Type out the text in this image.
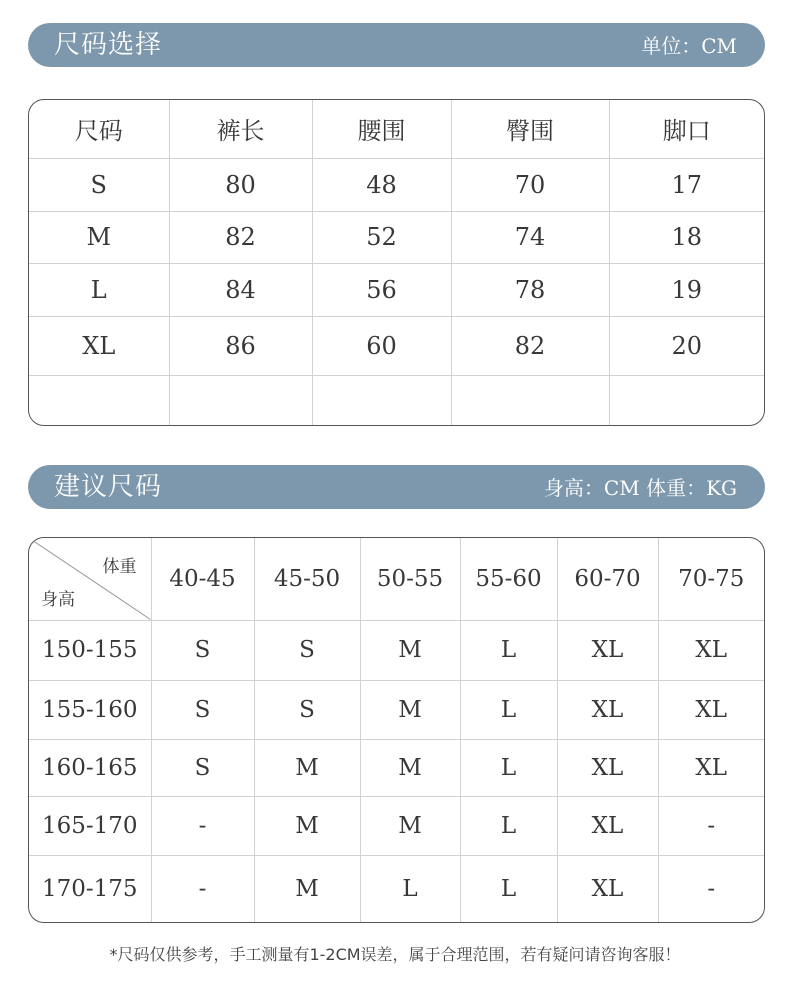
尺码选择	单位：CM
尺码	裤长	腰围	臀围	脚口
S	80	48	70	17
M	82	52	74	18
L	84	56	78	19
XL	86	60	82	20

建议尺码	身高：CM 体重：KG
体重
身高	40-45	45-50	50-55	55-60	60-70	70-75
150-155	S	S	M	L	XL	XL
155-160	S	S	M	L	XL	XL
160-165	S	M	M	L	XL	XL
165-170	-	M	M	L	XL	-
170-175	-	M	L	L	XL	-
*尺码仅供参考，手工测量有1-2CM误差，属于合理范围，若有疑问请咨询客服！
